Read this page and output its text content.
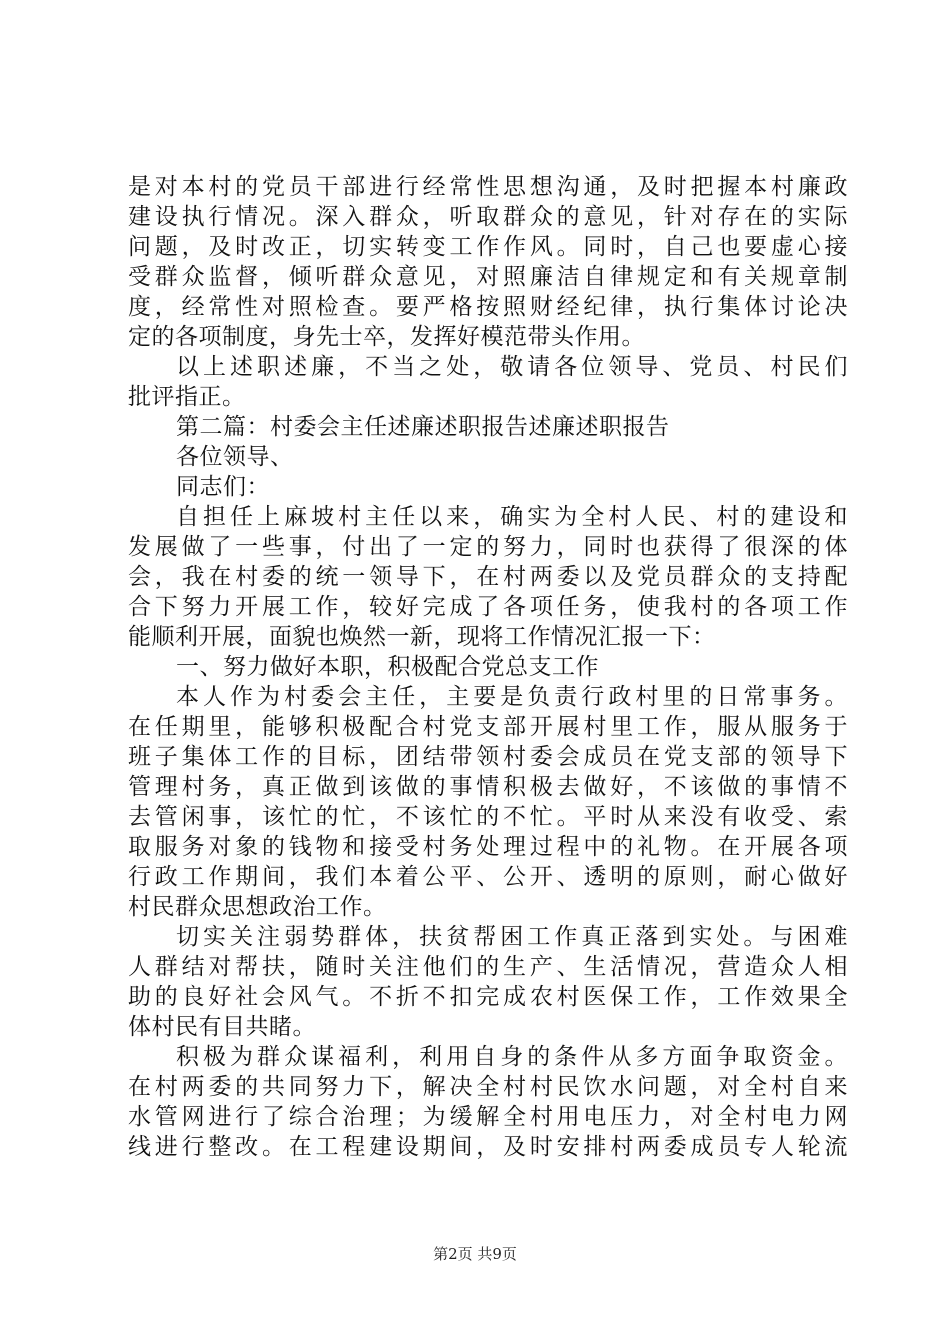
是对本村的党员干部进行经常性思想沟通，及时把握本村廉政
建设执行情况。深入群众，听取群众的意见，针对存在的实际
问题，及时改正，切实转变工作作风。同时，自己也要虚心接
受群众监督，倾听群众意见，对照廉洁自律规定和有关规章制
度，经常性对照检查。要严格按照财经纪律，执行集体讨论决
定的各项制度，身先士卒，发挥好模范带头作用。
以上述职述廉，不当之处，敬请各位领导、党员、村民们
批评指正。
第二篇：村委会主任述廉述职报告述廉述职报告
各位领导、
同志们：
自担任上麻坡村主任以来，确实为全村人民、村的建设和
发展做了一些事，付出了一定的努力，同时也获得了很深的体
会，我在村委的统一领导下，在村两委以及党员群众的支持配
合下努力开展工作，较好完成了各项任务，使我村的各项工作
能顺利开展，面貌也焕然一新，现将工作情况汇报一下：
一、努力做好本职，积极配合党总支工作
本人作为村委会主任，主要是负责行政村里的日常事务。
在任期里，能够积极配合村党支部开展村里工作，服从服务于
班子集体工作的目标，团结带领村委会成员在党支部的领导下
管理村务，真正做到该做的事情积极去做好，不该做的事情不
去管闲事，该忙的忙，不该忙的不忙。平时从来没有收受、索
取服务对象的钱物和接受村务处理过程中的礼物。在开展各项
行政工作期间，我们本着公平、公开、透明的原则，耐心做好
村民群众思想政治工作。
切实关注弱势群体，扶贫帮困工作真正落到实处。与困难
人群结对帮扶，随时关注他们的生产、生活情况，营造众人相
助的良好社会风气。不折不扣完成农村医保工作，工作效果全
体村民有目共睹。
积极为群众谋福利，利用自身的条件从多方面争取资金。
在村两委的共同努力下，解决全村村民饮水问题，对全村自来
水管网进行了综合治理；为缓解全村用电压力，对全村电力网
线进行整改。在工程建设期间，及时安排村两委成员专人轮流
第2页 共9页
